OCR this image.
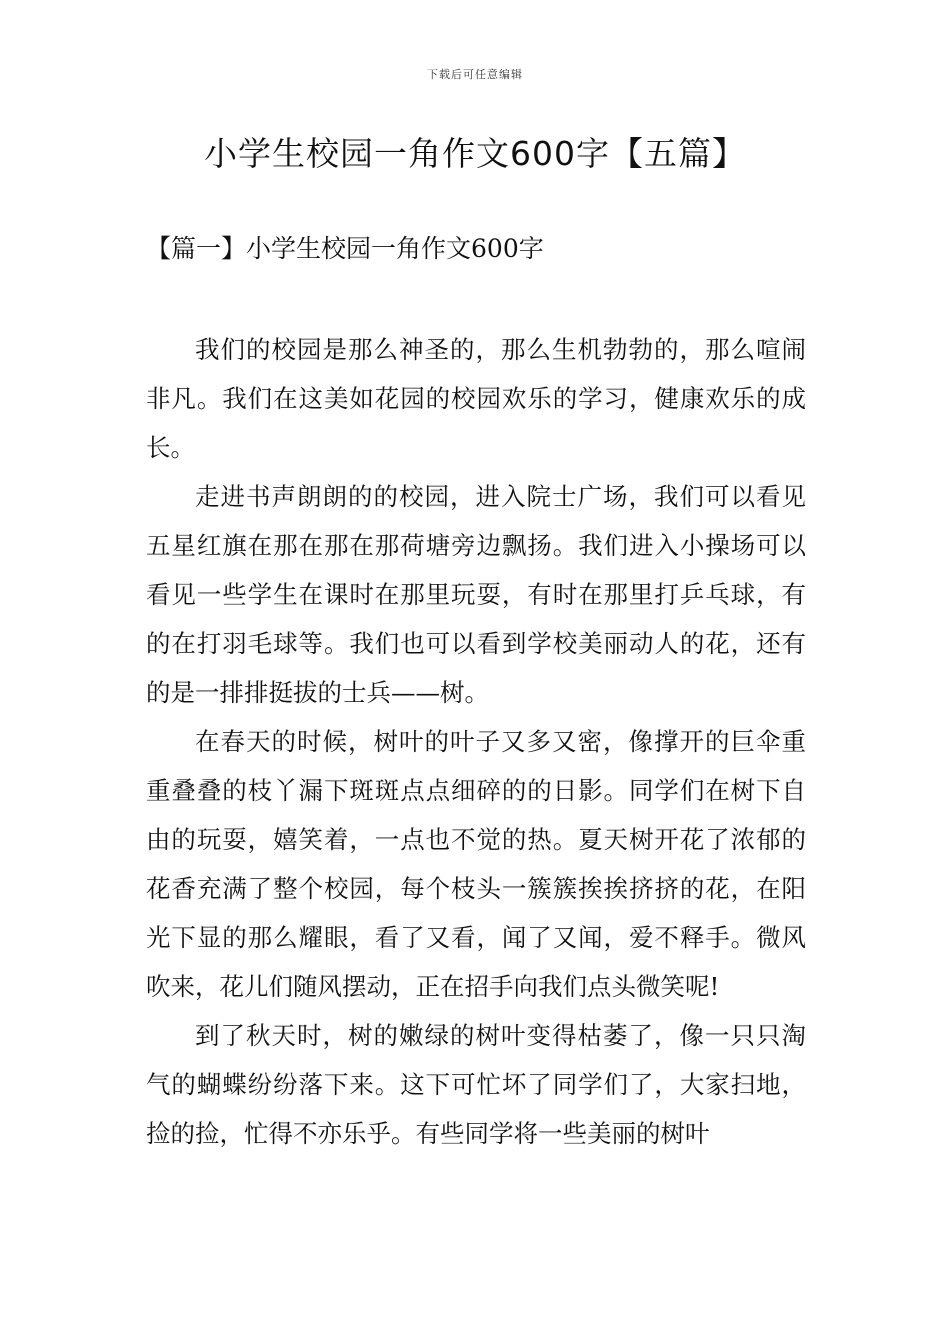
下载后可任意编辑
小学生校园一角作文600字【五篇】
【篇一】小学生校园一角作文600字

我们的校园是那么神圣的，那么生机勃勃的，那么喧闹非凡。我们在这美如花园的校园欢乐的学习，健康欢乐的成长。

走进书声朗朗的的校园，进入院士广场，我们可以看见五星红旗在那在那在那荷塘旁边飘扬。我们进入小操场可以看见一些学生在课时在那里玩耍，有时在那里打乒乓球，有的在打羽毛球等。我们也可以看到学校美丽动人的花，还有的是一排排挺拔的士兵——树。

在春天的时候，树叶的叶子又多又密，像撑开的巨伞重重叠叠的枝丫漏下斑斑点点细碎的的日影。同学们在树下自由的玩耍，嬉笑着，一点也不觉的热。夏天树开花了浓郁的花香充满了整个校园，每个枝头一簇簇挨挨挤挤的花，在阳光下显的那么耀眼，看了又看，闻了又闻，爱不释手。微风吹来，花儿们随风摆动，正在招手向我们点头微笑呢!

到了秋天时，树的嫩绿的树叶变得枯萎了，像一只只淘气的蝴蝶纷纷落下来。这下可忙坏了同学们了，大家扫地，捡的捡，忙得不亦乐乎。有些同学将一些美丽的树叶
